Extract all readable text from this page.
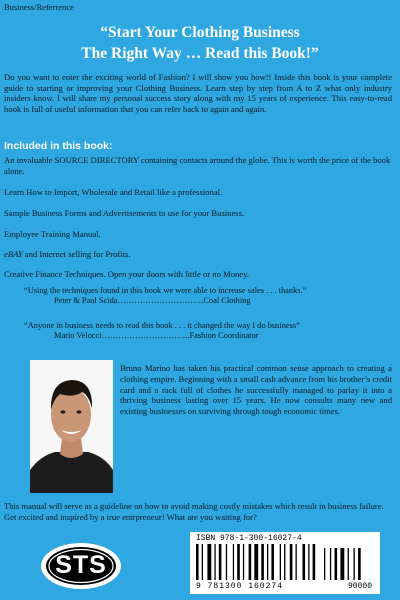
Business/Referrence
“Start Your Clothing Business
The Right Way … Read this Book!”
Do you want to enter the exciting world of Fashion? I will show you how!! Inside this book is your complete guide to starting or improving your Clothing Business. Learn step by step from A to Z what only industry insiders know. I will share my personal success story along with my 15 years of experience. This easy-to-read book is full of useful information that you can refer back to again and again.
Included in this book:
An invaluable SOURCE DIRECTORY containing contacts around the globe. This is worth the price of the book alone.
Learn How to Import, Wholesale and Retail like a professional.
Sample Business Forms and Advertisements to use for your Business.
Employee Training Manual.
eBAY and Internet selling for Profits.
Creative Finance Techniques. Open your doors with little or no Money.
“Using the techniques found in this book we were able to increase sales . . . thanks.”
Peter & Paul Scida………………………….Coal Clothing
“Anyone in business needs to read this book . . . it changed the way I do business”
Mario Velocci…………………………..Fashion Coordinator
Bruno Marino has taken his practical common sense approach to creating a clothing empire. Beginning with a small cash advance from his brother’s credit card and a rack full of clothes he successfully managed to parlay it into a thriving business lasting over 15 years. He now consults many new and existing businesses on surviving through tough economic times.
This manual will serve as a guideline on how to avoid making costly mistakes which result in business failure. Get excited and inspired by a true entrpreneur! What are you waiting for?
STS
ISBN 978-1-300-16027-4
9 781300 160274	90000
